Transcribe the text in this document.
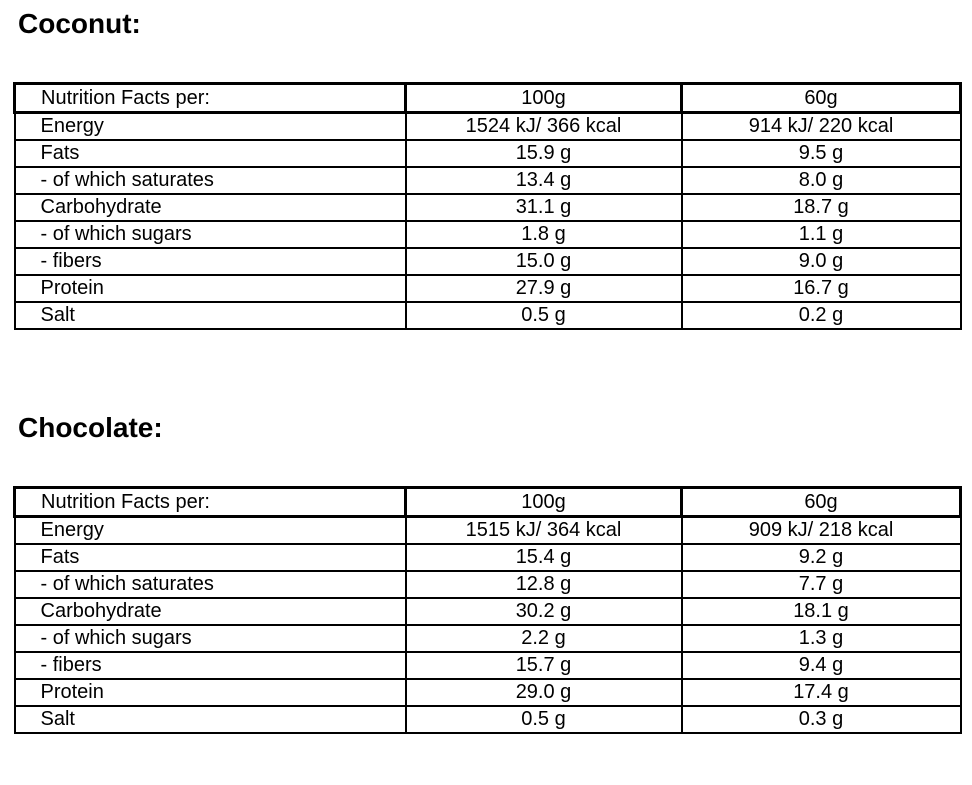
Coconut:
Nutrition Facts per:	100g	60g
Energy	1524 kJ/ 366 kcal	914 kJ/ 220 kcal
Fats	15.9 g	9.5 g
- of which saturates	13.4 g	8.0 g
Carbohydrate	31.1 g	18.7 g
- of which sugars	1.8 g	1.1 g
- fibers	15.0 g	9.0 g
Protein	27.9 g	16.7 g
Salt	0.5 g	0.2 g
Chocolate:
Nutrition Facts per:	100g	60g
Energy	1515 kJ/ 364 kcal	909 kJ/ 218 kcal
Fats	15.4 g	9.2 g
- of which saturates	12.8 g	7.7 g
Carbohydrate	30.2 g	18.1 g
- of which sugars	2.2 g	1.3 g
- fibers	15.7 g	9.4 g
Protein	29.0 g	17.4 g
Salt	0.5 g	0.3 g
